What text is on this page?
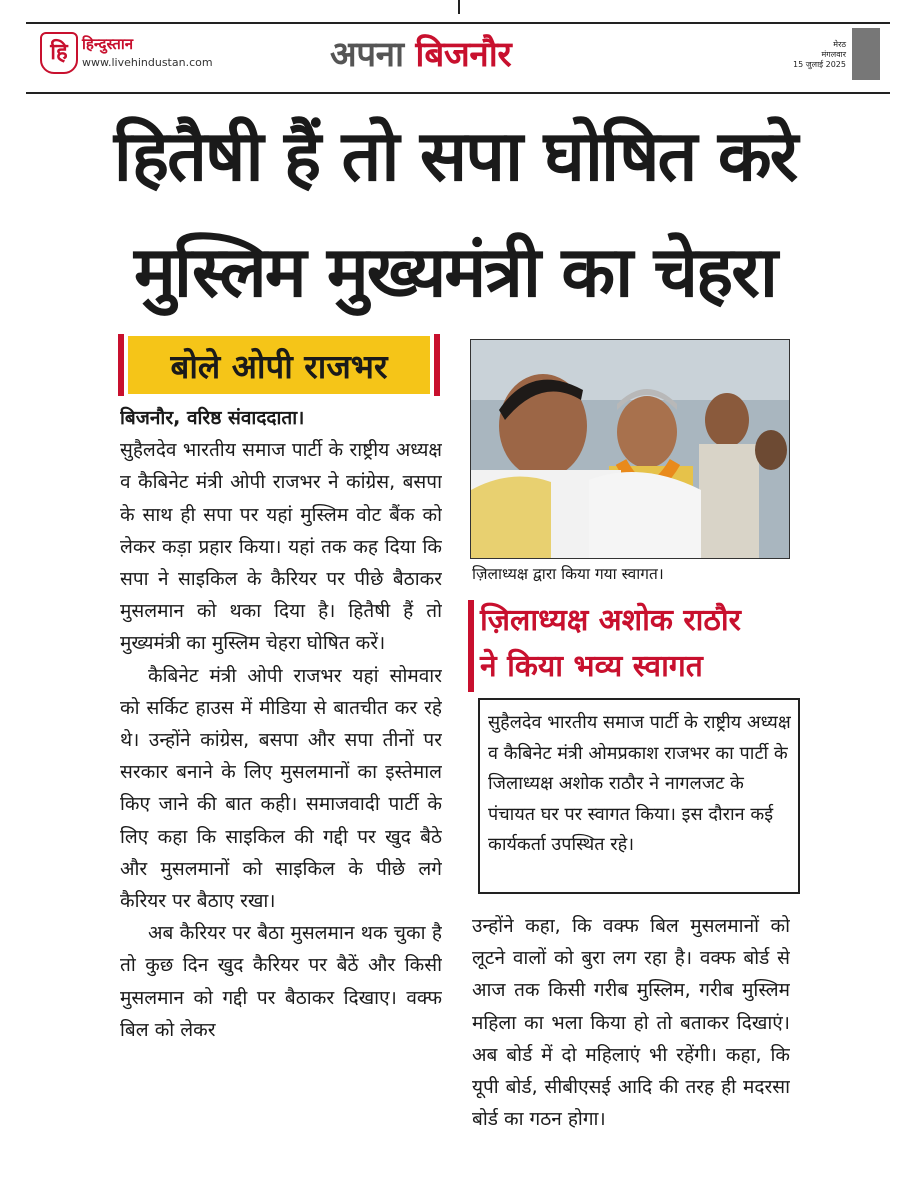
हि हिन्दुस्तान
www.livehindustan.com	अपना बिजनौर	मेरठ
मंगलवार
15 जुलाई 2025
हितैषी हैं तो सपा घोषित करे
मुस्लिम मुख्यमंत्री का चेहरा
बोले ओपी राजभर

बिजनौर, वरिष्ठ संवाददाता।

सुहैलदेव भारतीय समाज पार्टी के राष्ट्रीय अध्यक्ष व कैबिनेट मंत्री ओपी राजभर ने कांग्रेस, बसपा के साथ ही सपा पर यहां मुस्लिम वोट बैंक को लेकर कड़ा प्रहार किया। यहां तक कह दिया कि सपा ने साइकिल के कैरियर पर पीछे बैठाकर मुसलमान को थका दिया है। हितैषी हैं तो मुख्यमंत्री का मुस्लिम चेहरा घोषित करें।

कैबिनेट मंत्री ओपी राजभर यहां सोमवार को सर्किट हाउस में मीडिया से बातचीत कर रहे थे। उन्होंने कांग्रेस, बसपा और सपा तीनों पर सरकार बनाने के लिए मुसलमानों का इस्तेमाल किए जाने की बात कही। समाजवादी पार्टी के लिए कहा कि साइकिल की गद्दी पर खुद बैठे और मुसलमानों को साइकिल के पीछे लगे कैरियर पर बैठाए रखा।

अब कैरियर पर बैठा मुसलमान थक चुका है तो कुछ दिन खुद कैरियर पर बैठें और किसी मुसलमान को गद्दी पर बैठाकर दिखाए। वक्फ बिल को लेकर

ज़िलाध्यक्ष द्वारा किया गया स्वागत।
ज़िलाध्यक्ष अशोक राठौर
ने किया भव्य स्वागत
सुहैलदेव भारतीय समाज पार्टी के राष्ट्रीय अध्यक्ष व कैबिनेट मंत्री ओमप्रकाश राजभर का पार्टी के जिलाध्यक्ष अशोक राठौर ने नागलजट के पंचायत घर पर स्वागत किया। इस दौरान कई कार्यकर्ता उपस्थित रहे।

उन्होंने कहा, कि वक्फ बिल मुसलमानों को लूटने वालों को बुरा लग रहा है। वक्फ बोर्ड से आज तक किसी गरीब मुस्लिम, गरीब मुस्लिम महिला का भला किया हो तो बताकर दिखाएं। अब बोर्ड में दो महिलाएं भी रहेंगी। कहा, कि यूपी बोर्ड, सीबीएसई आदि की तरह ही मदरसा बोर्ड का गठन होगा।
